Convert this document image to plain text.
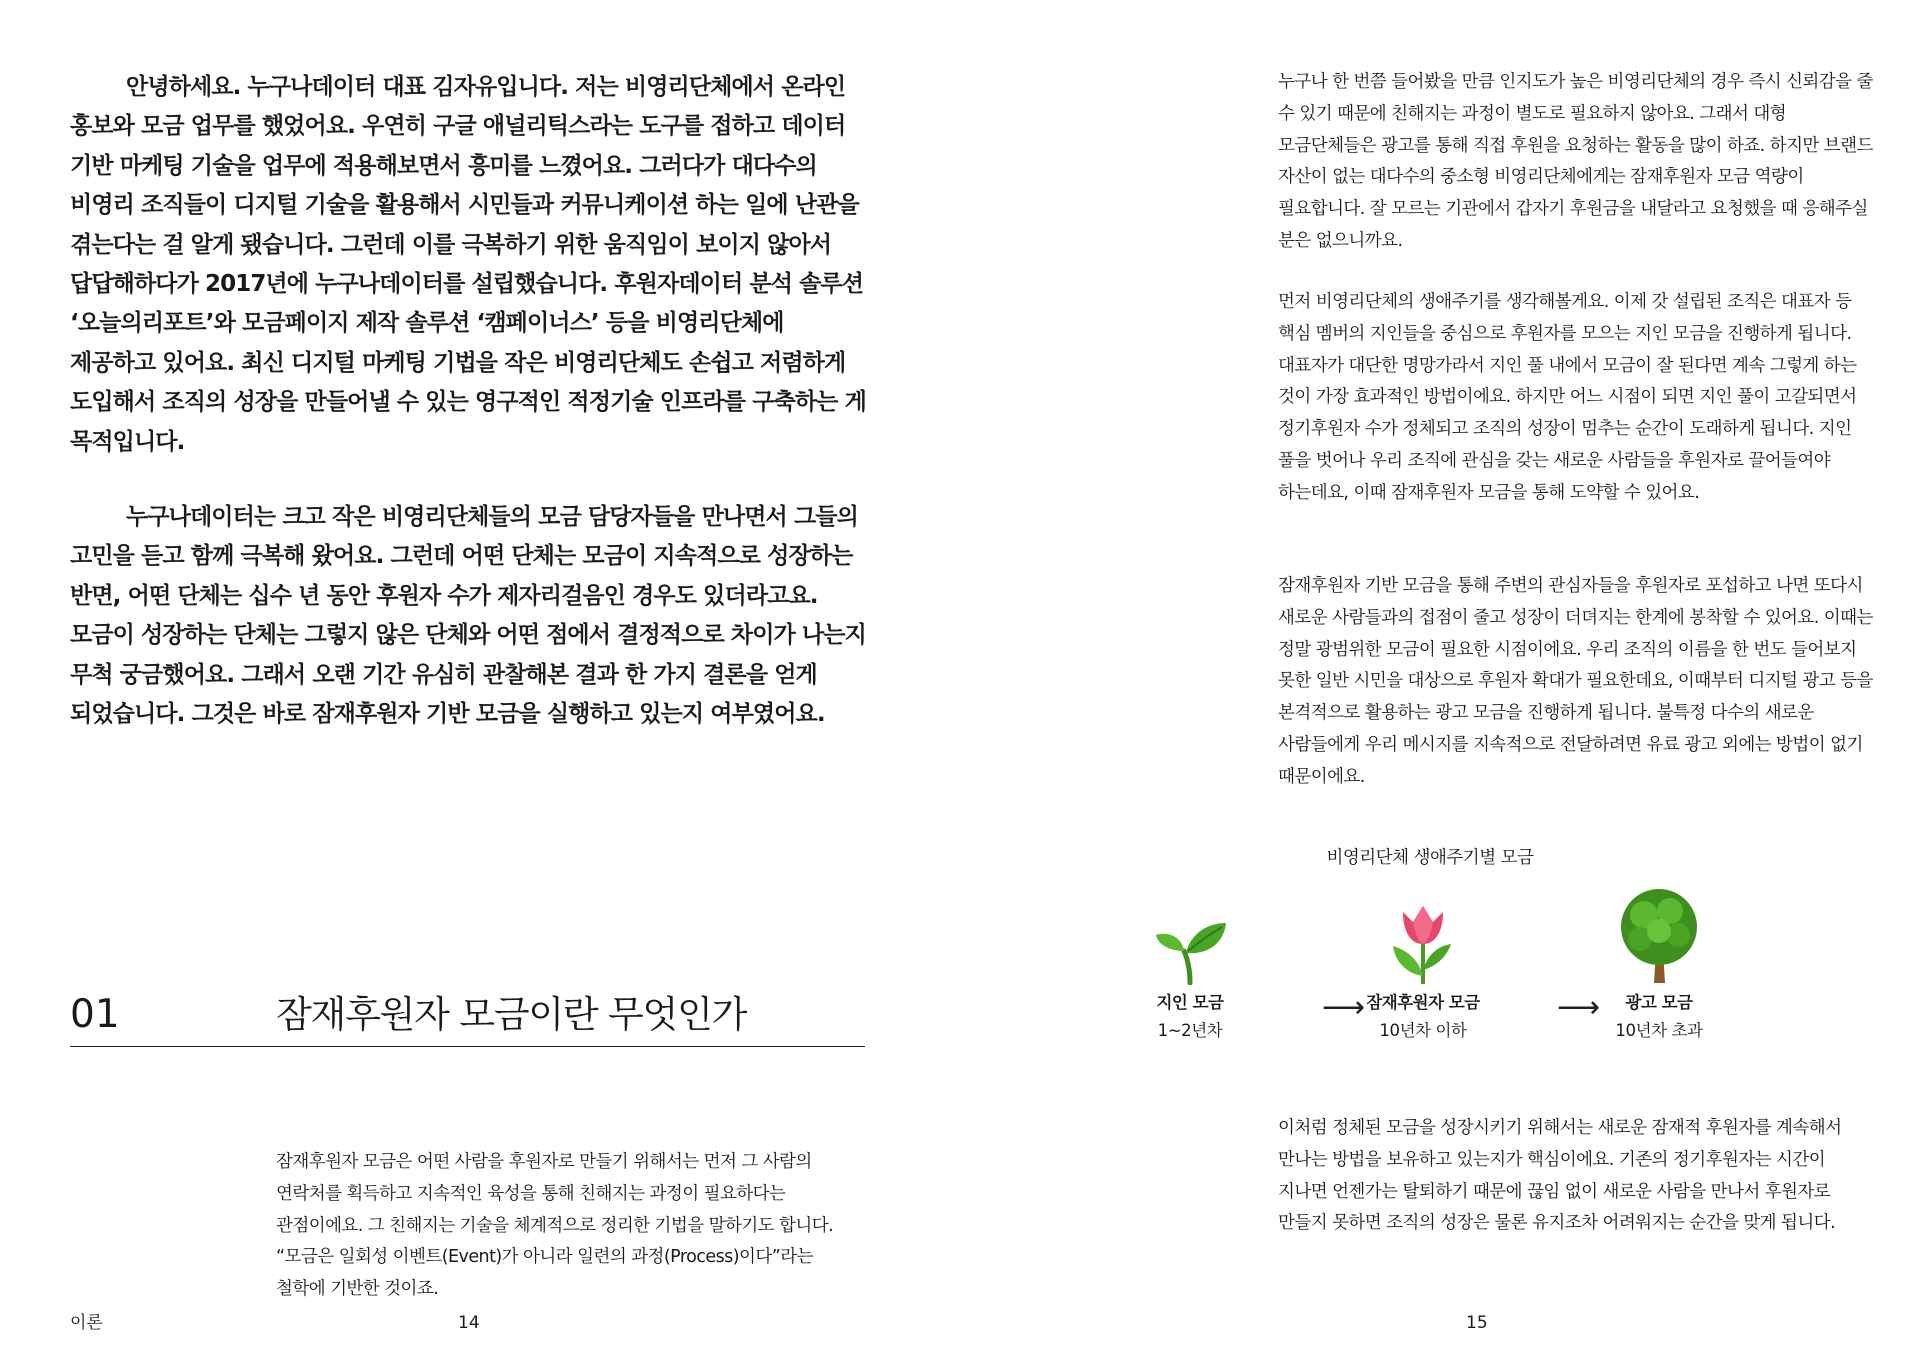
안녕하세요. 누구나데이터 대표 김자유입니다. 저는 비영리단체에서 온라인 홍보와 모금 업무를 했었어요. 우연히 구글 애널리틱스라는 도구를 접하고 데이터 기반 마케팅 기술을 업무에 적용해보면서 흥미를 느꼈어요. 그러다가 대다수의 비영리 조직들이 디지털 기술을 활용해서 시민들과 커뮤니케이션 하는 일에 난관을 겪는다는 걸 알게 됐습니다. 그런데 이를 극복하기 위한 움직임이 보이지 않아서 답답해하다가 2017년에 누구나데이터를 설립했습니다. 후원자데이터 분석 솔루션 ‘오늘의리포트’와 모금페이지 제작 솔루션 ‘캠페이너스’ 등을 비영리단체에 제공하고 있어요. 최신 디지털 마케팅 기법을 작은 비영리단체도 손쉽고 저렴하게 도입해서 조직의 성장을 만들어낼 수 있는 영구적인 적정기술 인프라를 구축하는 게 목적입니다.

누구나데이터는 크고 작은 비영리단체들의 모금 담당자들을 만나면서 그들의 고민을 듣고 함께 극복해 왔어요. 그런데 어떤 단체는 모금이 지속적으로 성장하는 반면, 어떤 단체는 십수 년 동안 후원자 수가 제자리걸음인 경우도 있더라고요. 모금이 성장하는 단체는 그렇지 않은 단체와 어떤 점에서 결정적으로 차이가 나는지 무척 궁금했어요. 그래서 오랜 기간 유심히 관찰해본 결과 한 가지 결론을 얻게 되었습니다. 그것은 바로 잠재후원자 기반 모금을 실행하고 있는지 여부였어요.

01	잠재후원자 모금이란 무엇인가

잠재후원자 모금은 어떤 사람을 후원자로 만들기 위해서는 먼저 그 사람의 연락처를 획득하고 지속적인 육성을 통해 친해지는 과정이 필요하다는 관점이에요. 그 친해지는 기술을 체계적으로 정리한 기법을 말하기도 합니다. “모금은 일회성 이벤트(Event)가 아니라 일련의 과정(Process)이다”라는 철학에 기반한 것이죠.

이론	14

누구나 한 번쯤 들어봤을 만큼 인지도가 높은 비영리단체의 경우 즉시 신뢰감을 줄 수 있기 때문에 친해지는 과정이 별도로 필요하지 않아요. 그래서 대형 모금단체들은 광고를 통해 직접 후원을 요청하는 활동을 많이 하죠. 하지만 브랜드 자산이 없는 대다수의 중소형 비영리단체에게는 잠재후원자 모금 역량이 필요합니다. 잘 모르는 기관에서 갑자기 후원금을 내달라고 요청했을 때 응해주실 분은 없으니까요.

먼저 비영리단체의 생애주기를 생각해볼게요. 이제 갓 설립된 조직은 대표자 등 핵심 멤버의 지인들을 중심으로 후원자를 모으는 지인 모금을 진행하게 됩니다. 대표자가 대단한 명망가라서 지인 풀 내에서 모금이 잘 된다면 계속 그렇게 하는 것이 가장 효과적인 방법이에요. 하지만 어느 시점이 되면 지인 풀이 고갈되면서 정기후원자 수가 정체되고 조직의 성장이 멈추는 순간이 도래하게 됩니다. 지인 풀을 벗어나 우리 조직에 관심을 갖는 새로운 사람들을 후원자로 끌어들여야 하는데요, 이때 잠재후원자 모금을 통해 도약할 수 있어요.

잠재후원자 기반 모금을 통해 주변의 관심자들을 후원자로 포섭하고 나면 또다시 새로운 사람들과의 접점이 줄고 성장이 더뎌지는 한계에 봉착할 수 있어요. 이때는 정말 광범위한 모금이 필요한 시점이에요. 우리 조직의 이름을 한 번도 들어보지 못한 일반 시민을 대상으로 후원자 확대가 필요한데요, 이때부터 디지털 광고 등을 본격적으로 활용하는 광고 모금을 진행하게 됩니다. 불특정 다수의 새로운 사람들에게 우리 메시지를 지속적으로 전달하려면 유료 광고 외에는 방법이 없기 때문이에요.

비영리단체 생애주기별 모금
지인 모금
1~2년차
⟶ 잠재후원자 모금
10년차 이하
⟶	광고 모금
10년차 초과

이처럼 정체된 모금을 성장시키기 위해서는 새로운 잠재적 후원자를 계속해서 만나는 방법을 보유하고 있는지가 핵심이에요. 기존의 정기후원자는 시간이 지나면 언젠가는 탈퇴하기 때문에 끊임 없이 새로운 사람을 만나서 후원자로 만들지 못하면 조직의 성장은 물론 유지조차 어려워지는 순간을 맞게 됩니다.

15
